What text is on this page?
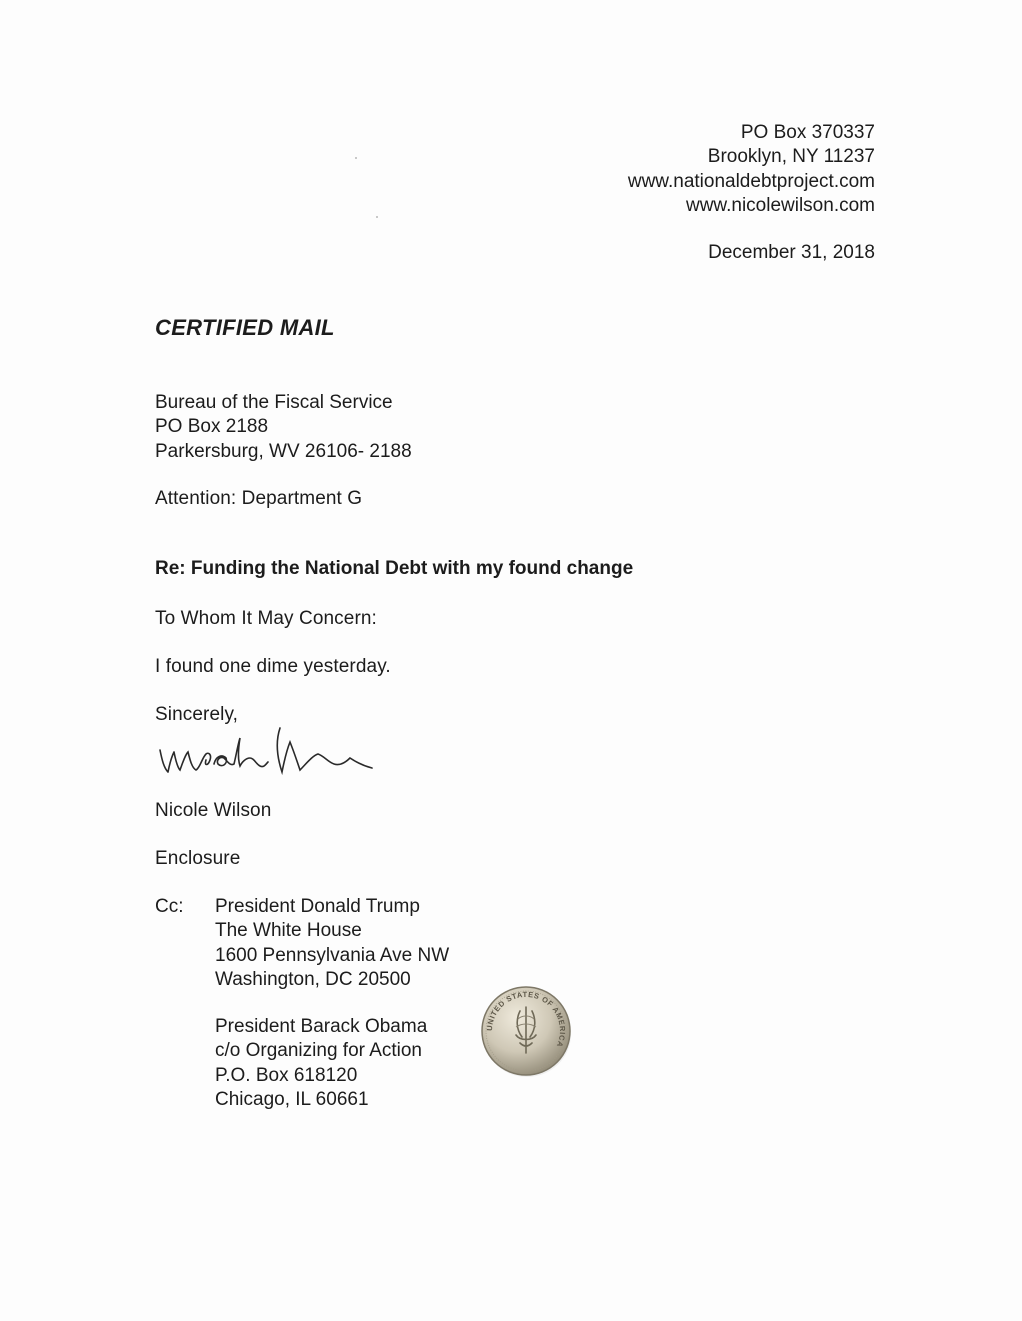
PO Box 370337
Brooklyn, NY 11237
www.nationaldebtproject.com
www.nicolewilson.com
December 31, 2018
CERTIFIED MAIL
Bureau of the Fiscal Service
PO Box 2188
Parkersburg, WV 26106- 2188
Attention: Department G
Re: Funding the National Debt with my found change
To Whom It May Concern:
I found one dime yesterday.
Sincerely,
Nicole Wilson
Enclosure
Cc: President Donald Trump
The White House
1600 Pennsylvania Ave NW
Washington, DC 20500
President Barack Obama
c/o Organizing for Action
P.O. Box 618120
Chicago, IL 60661
UNITED STATES OF AMERICA
